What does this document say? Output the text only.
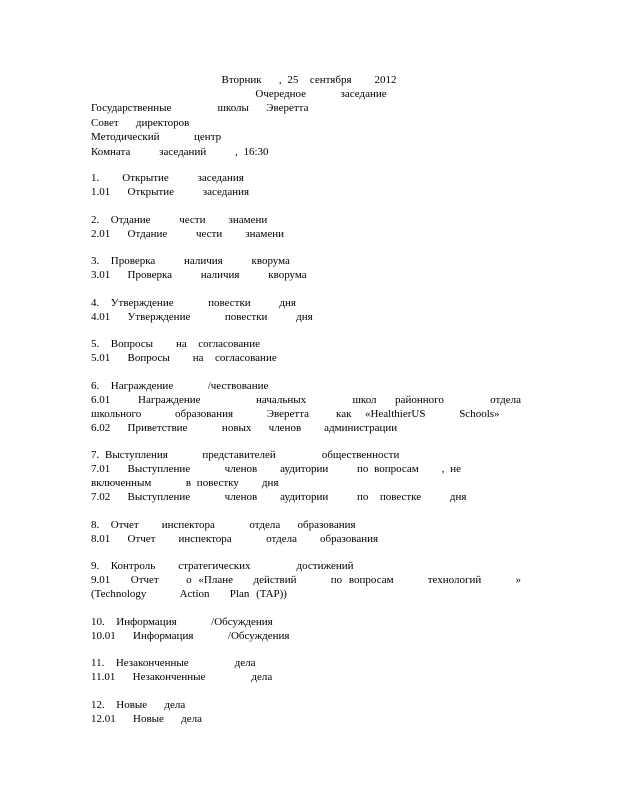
Вторник   , 25  сентября    2012
Очередное      заседание
Государственные        школы   Эверетта
Совет   директоров
Методический      центр
Комната     заседаний     , 16:30
1.    Открытие     заседания
1.01   Открытие     заседания
2.  Отдание     чести    знамени
2.01   Отдание     чести    знамени
3.  Проверка     наличия     кворума
3.01   Проверка     наличия     кворума
4.  Утверждение      повестки     дня
4.01   Утверждение      повестки     дня
5.  Вопросы    на  согласование
5.01   Вопросы    на  согласование
6.  Награждение      /чествование
6.01   Награждение      начальных     школ  районного     отдела    школьного     образования     Эверетта    как  «HealthierUS     Schools»
6.02   Приветствие      новых   членов    администрации
7. Выступления      представителей        общественности
7.01   Выступление      членов    аудитории     по вопросам    , не  включенным      в повестку    дня
7.02   Выступление      членов    аудитории     по  повестке     дня
8.  Отчет    инспектора      отдела   образования
8.01   Отчет    инспектора      отдела    образования
9.  Контроль    стратегических        достижений
9.01   Отчет    о «Плане   действий     по вопросам     технологий     » (Technology     Action   Plan (TAP))
10.  Информация      /Обсуждения
10.01   Информация      /Обсуждения
11.  Незаконченные        дела
11.01   Незаконченные        дела
12.  Новые   дела
12.01   Новые   дела
